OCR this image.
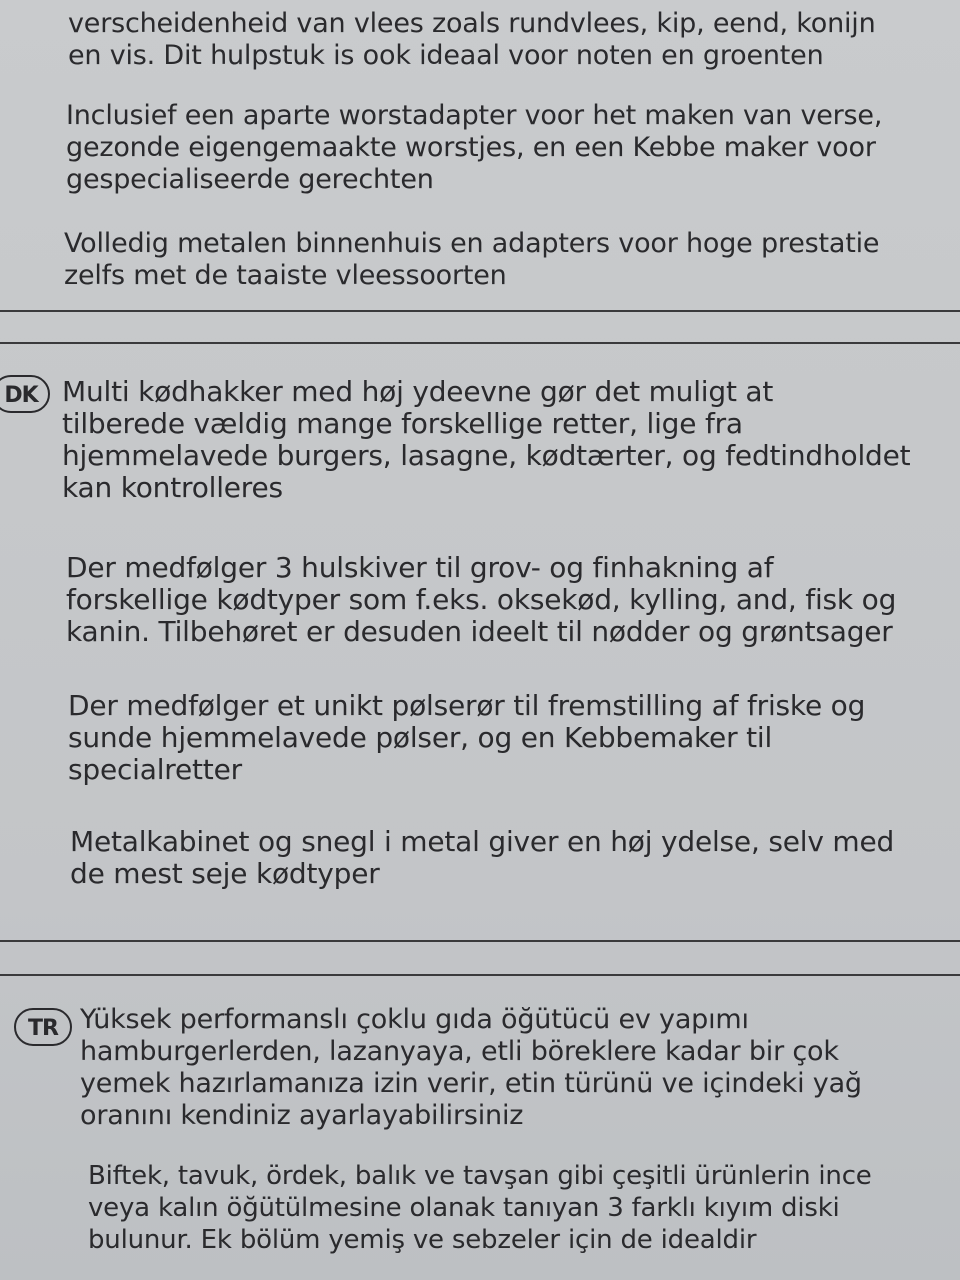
verscheidenheid van vlees zoals rundvlees, kip, eend, konijn
en vis. Dit hulpstuk is ook ideaal voor noten en groenten

Inclusief een aparte worstadapter voor het maken van verse,
gezonde eigengemaakte worstjes, en een Kebbe maker voor
gespecialiseerde gerechten

Volledig metalen binnenhuis en adapters voor hoge prestatie
zelfs met de taaiste vleessoorten

DK Multi kødhakker med høj ydeevne gør det muligt at
tilberede vældig mange forskellige retter, lige fra
hjemmelavede burgers, lasagne, kødtærter, og fedtindholdet
kan kontrolleres

Der medfølger 3 hulskiver til grov- og finhakning af
forskellige kødtyper som f.eks. oksekød, kylling, and, fisk og
kanin. Tilbehøret er desuden ideelt til nødder og grøntsager

Der medfølger et unikt pølserør til fremstilling af friske og
sunde hjemmelavede pølser, og en Kebbemaker til
specialretter

Metalkabinet og snegl i metal giver en høj ydelse, selv med
de mest seje kødtyper

TR Yüksek performanslı çoklu gıda öğütücü ev yapımı
hamburgerlerden, lazanyaya, etli böreklere kadar bir çok
yemek hazırlamanıza izin verir, etin türünü ve içindeki yağ
oranını kendiniz ayarlayabilirsiniz

Biftek, tavuk, ördek, balık ve tavşan gibi çeşitli ürünlerin ince
veya kalın öğütülmesine olanak tanıyan 3 farklı kıyım diski
bulunur. Ek bölüm yemiş ve sebzeler için de idealdir
